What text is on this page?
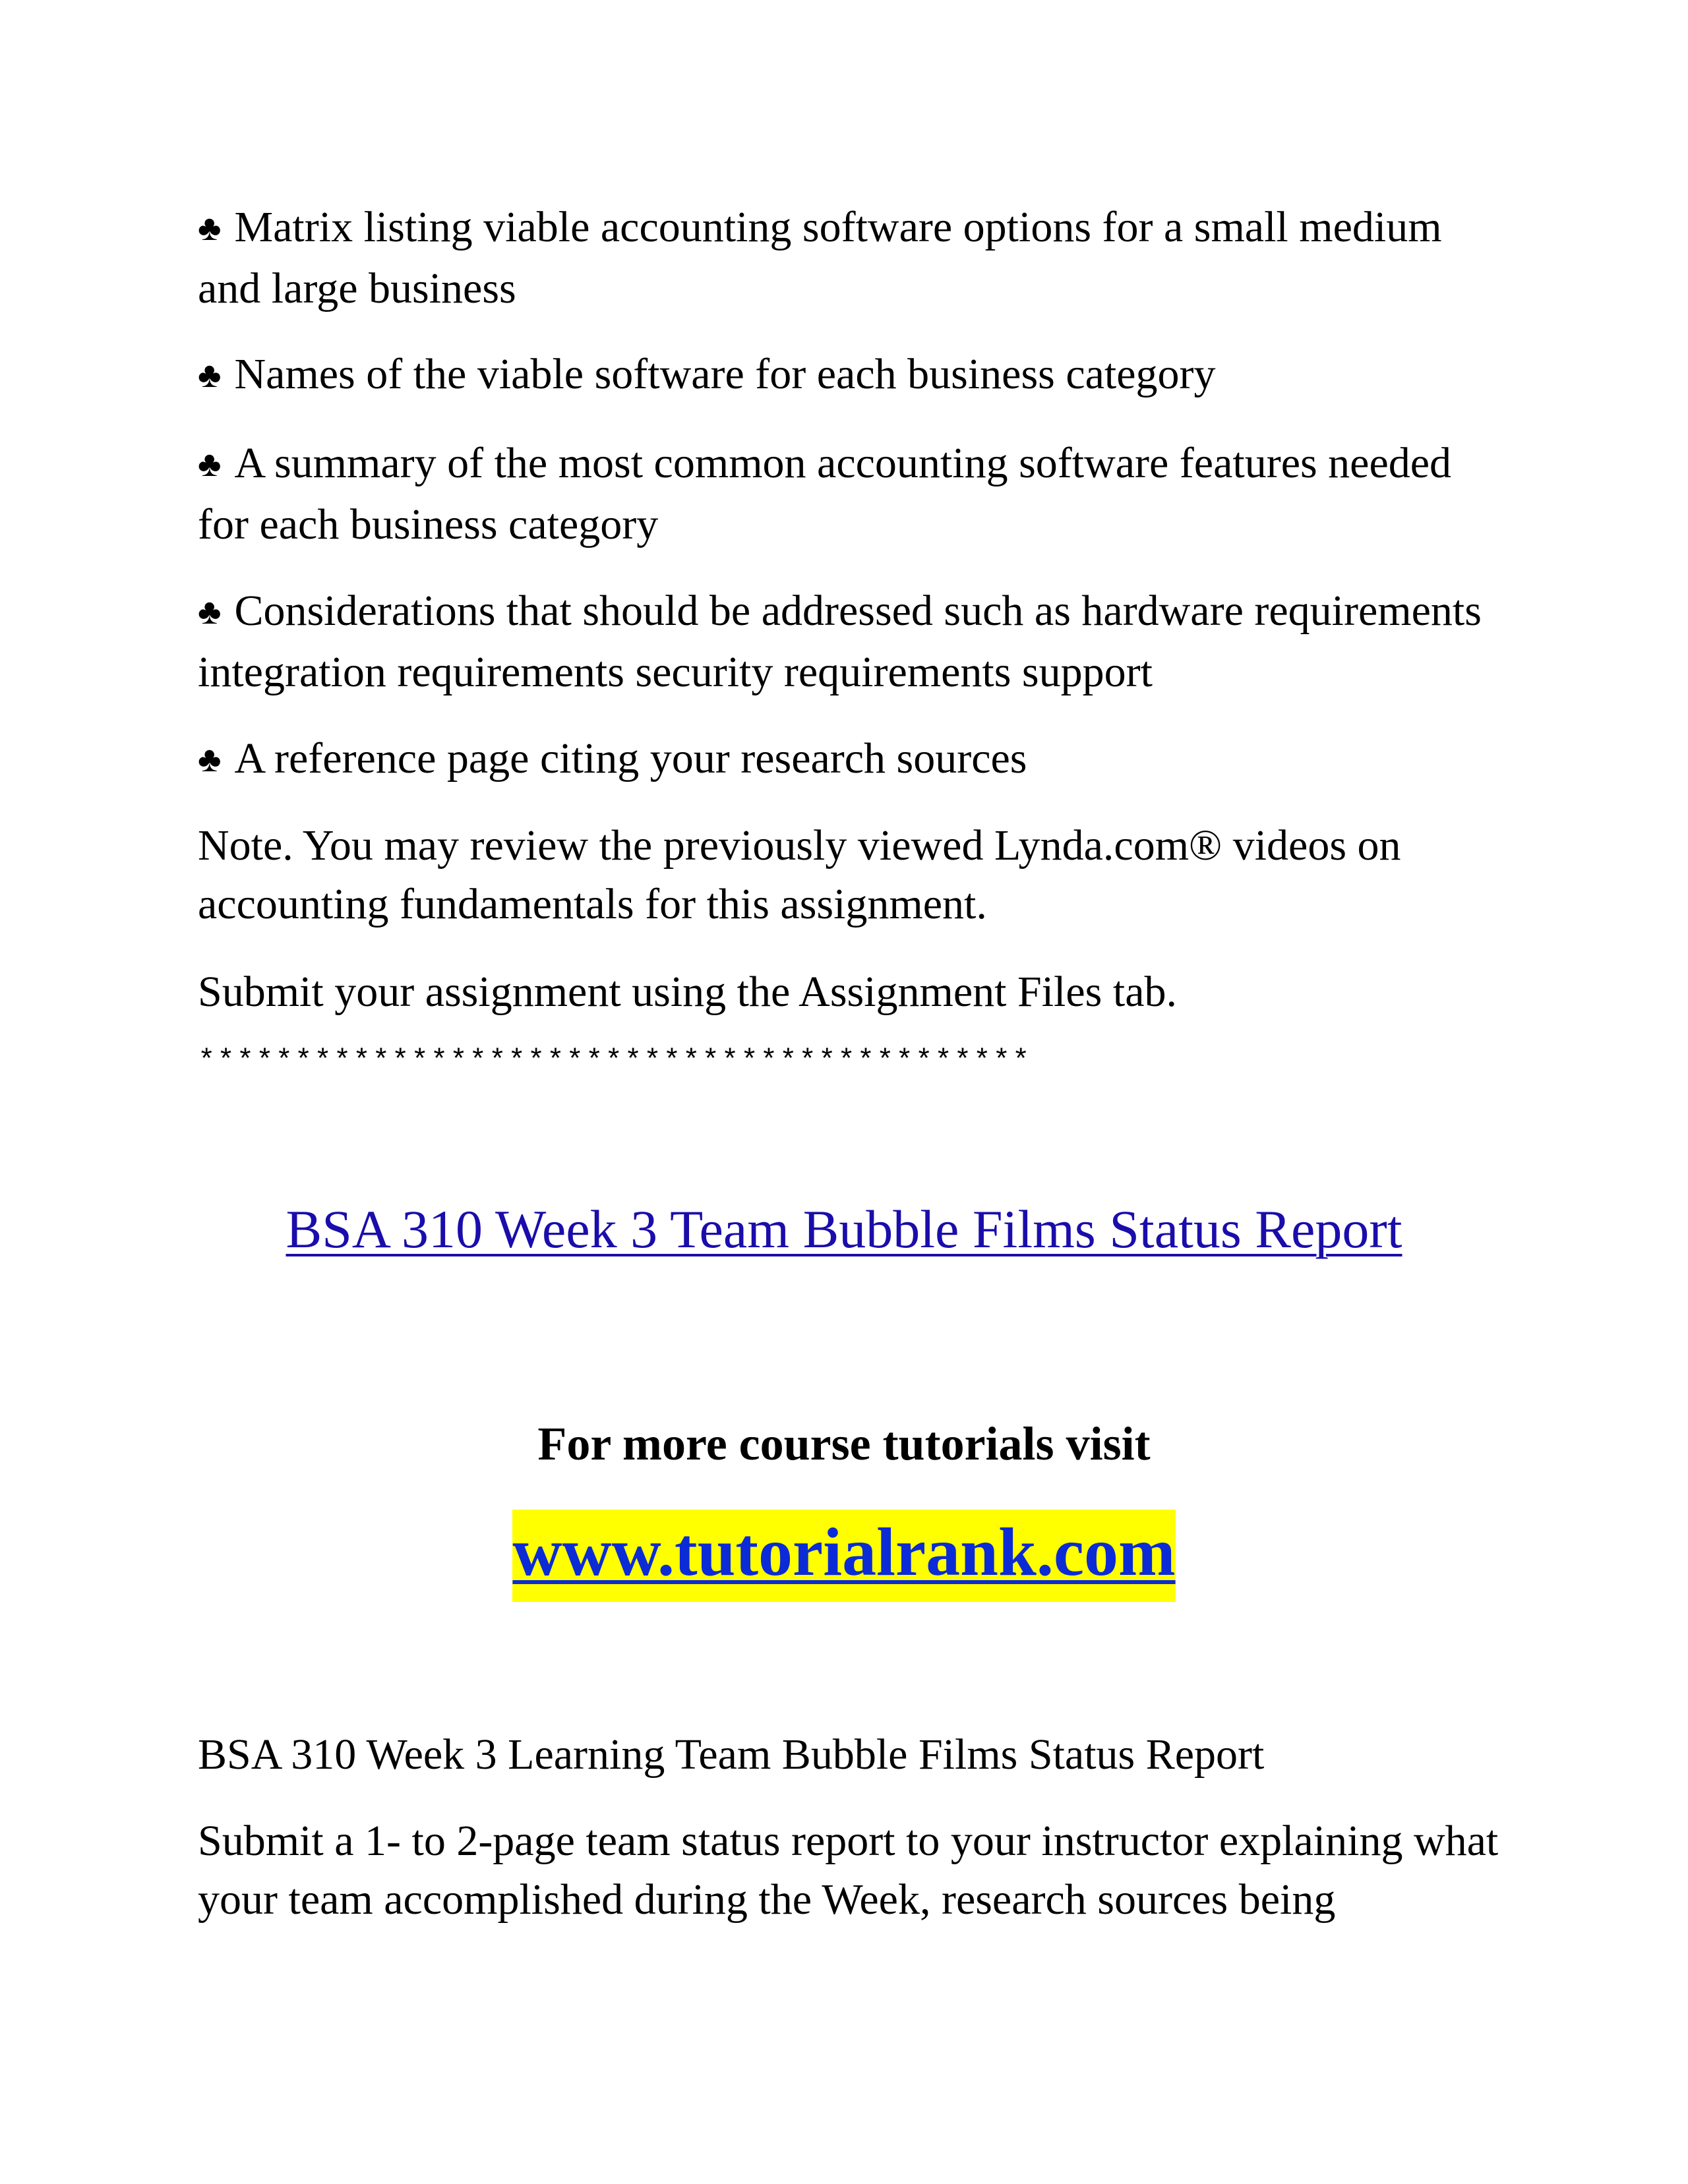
♣ Matrix listing viable accounting software options for a small medium and large business

♣ Names of the viable software for each business category

♣ A summary of the most common accounting software features needed for each business category

♣ Considerations that should be addressed such as hardware requirements integration requirements security requirements support

♣ A reference page citing your research sources

Note. You may review the previously viewed Lynda.com® videos on accounting fundamentals for this assignment.

Submit your assignment using the Assignment Files tab.

*******************************************
BSA 310 Week 3 Team Bubble Films Status Report
For more course tutorials visit
www.tutorialrank.com

BSA 310 Week 3 Learning Team Bubble Films Status Report

Submit a 1- to 2-page team status report to your instructor explaining what your team accomplished during the Week, research sources being
